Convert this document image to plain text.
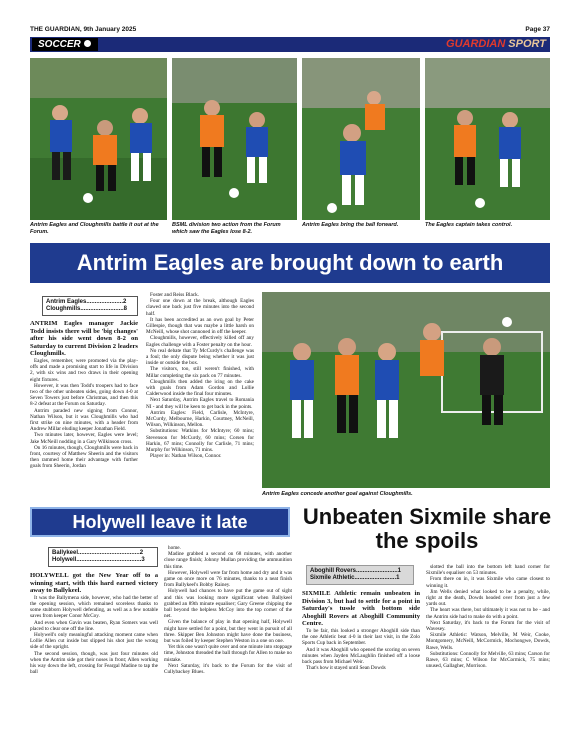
THE GUARDIAN, 9th January 2025	Page 37
SOCCER	GUARDIAN SPORT
Antrim Eagles and Cloughmills battle it out at the Forum.
BSML division two action from the Forum which saw the Eagles lose 8-2.
Antrim Eagles bring the ball forward.	The Eagles captain takes control.
Antrim Eagles are brought down to earth
Antrim Eagles......................2
Cloughmills..........................8

ANTRIM Eagles manager Jackie Todd insists there will be 'big changes' after his side went down 8-2 on Saturday to current Division 2 leaders Cloughmills.

Eagles, remember, were promoted via the play-offs and made a promising start to life in Division 2, with six wins and two draws in their opening eight fixtures.

However, it was then Todd's troopers had to face two of the other unbeaten sides, going down 4-0 at Seven Towers just before Christmas, and then this 8-2 defeat at the Forum on Saturday.

Antrim paraded new signing from Connor, Nathan Wilson, but it was Cloughmills who had first strike on nine minutes, with a header from Andrew Millar eluding keeper Jonathan Field.

Two minutes later, however, Eagles were level; Jake McNeill nodding in a Gary Wilkinson cross.

On 16 minutes, though, Cloughmills were back in front, courtesy of Matthew Sheerin and the visitors then rammed home their advantage with further goals from Sheerin, Jordan

Foster and Reiss Black.

Four one down at the break, although Eagles clawed one back just five minutes into the second half.

It has been accredited as an own goal by Peter Gillespie, though that was maybe a little harsh on McNeill, whose shot cannoned in off the keeper.

Cloughmills, however, effectively killed off any Eagles challenge with a Foster penalty on the hour.

No real debate that Ty McCurdy's challenge was a foul; the only dispute being whether it was just inside or outside the box.

The visitors, too, still weren't finished, with Millar completing the six pack on 77 minutes.

Cloughmills then added the icing on the cake with goals from Adam Gordon and Lollie Calderwood inside the final four minutes.

Next Saturday, Antrim Eagles travel to Romania NI - and they will be keen to get back in the points.

Antrim Eagles: Field, Carlisle, McIntyre, McCurdy, Melbourne, Harkin, Courtney, McNeill, Wilson, Wilkinson, Mellon.

Substitutions: Watkins for McIntyre; 60 mins; Stevenson for McCurdy, 60 mins; Corsen for Harkin, 67 mins; Connolly for Carlisle, 71 mins; Murphy for Wilkinson, 71 mins.

Player in: Nathan Wilson, Connor.

Antrim Eagles concede another goal against Cloughmills.
Holywell leave it late
Ballykeel.....................................2
Holywell.......................................3

HOLYWELL got the New Year off to a winning start, with this hard earned victory away to Ballykeel.

It was the Ballymena side, however, who had the better of the opening session, which remained scoreless thanks to some stubborn Holywell defending, as well as a few notable saves from keeper Conor McCoy.

And even when Gavin was beaten, Ryan Somers was well placed to clear one off the line.

Holywell's only meaningful attacking moment came when Lollie Allen cut inside but slipped his shot just the wrong side of the upright.

The second session, though, was just four minutes old when the Antrim side got their noses in front; Allen working his way down the left, crossing for Feargal Madine to tap the ball

home.

Madine grabbed a second on 68 minutes, with another close range finish; Johnny Mullan providing the ammunition this time.

However, Holywell were far from home and dry and it was game on once more on 76 minutes, thanks to a neat finish from Ballykeel's Bobby Rainey.

Holywell had chances to have put the game out of sight and this was looking more significant when Ballykeel grabbed an 89th minute equaliser; Gary Greene chipping the ball beyond the helpless McCoy into the top corner of the net.

Given the balance of play in that opening half, Holywell might have settled for a point, but they went in pursuit of all three. Skipper Ben Johnston might have done the business, but was foiled by keeper Stephen Weston in a one on one.

Yet this one wasn't quite over and one minute into stoppage time, Johnston threaded the ball through for Allen to make no mistake.

Next Saturday, it's back to the Forum for the visit of Cullybackey Blues.

Unbeaten Sixmile share the spoils
Aboghill Rovers.........................1
Sixmile Athletic.........................1

SIXMILE Athletic remain unbeaten in Division 3, but had to settle for a point in Saturday's tussle with bottom side Aboghill Rovers at Aboghill Community Centre.

To be fair, this looked a stronger Aboghill side than the one Athletic beat 4-0 in their last visit, in the Zolo Sports Cup back in September.

And it was Aboghill who opened the scoring on seven minutes when Jayden McLaughlin finished off a loose back pass from Michael Weir.

That's how it stayed until Sean Dowds

slotted the ball into the bottom left hand corner for Sixmile's equaliser on 53 minutes.

From there on in, it was Sixmile who came closest to winning it.

Jim Wells denied what looked to be a penalty, while, right at the death, Dowds headed over from just a few yards out.

The heart was there, but ultimately it was not to be - and the Antrim side had to make do with a point.

Next Saturday, it's back to the Forum for the visit of Wavesey.

Sixmile Athletic: Watson, Melville, M Weir, Cooke, Montgomery, McNeill, McCormick, Mochongwe, Dowds, Rawe, Wells.

Substitutions: Connolly for Melville, 63 mins; Carson for Rawe, 63 mins; C Wilson for McCormick, 75 mins; unused, Gallagher, Morrison.
